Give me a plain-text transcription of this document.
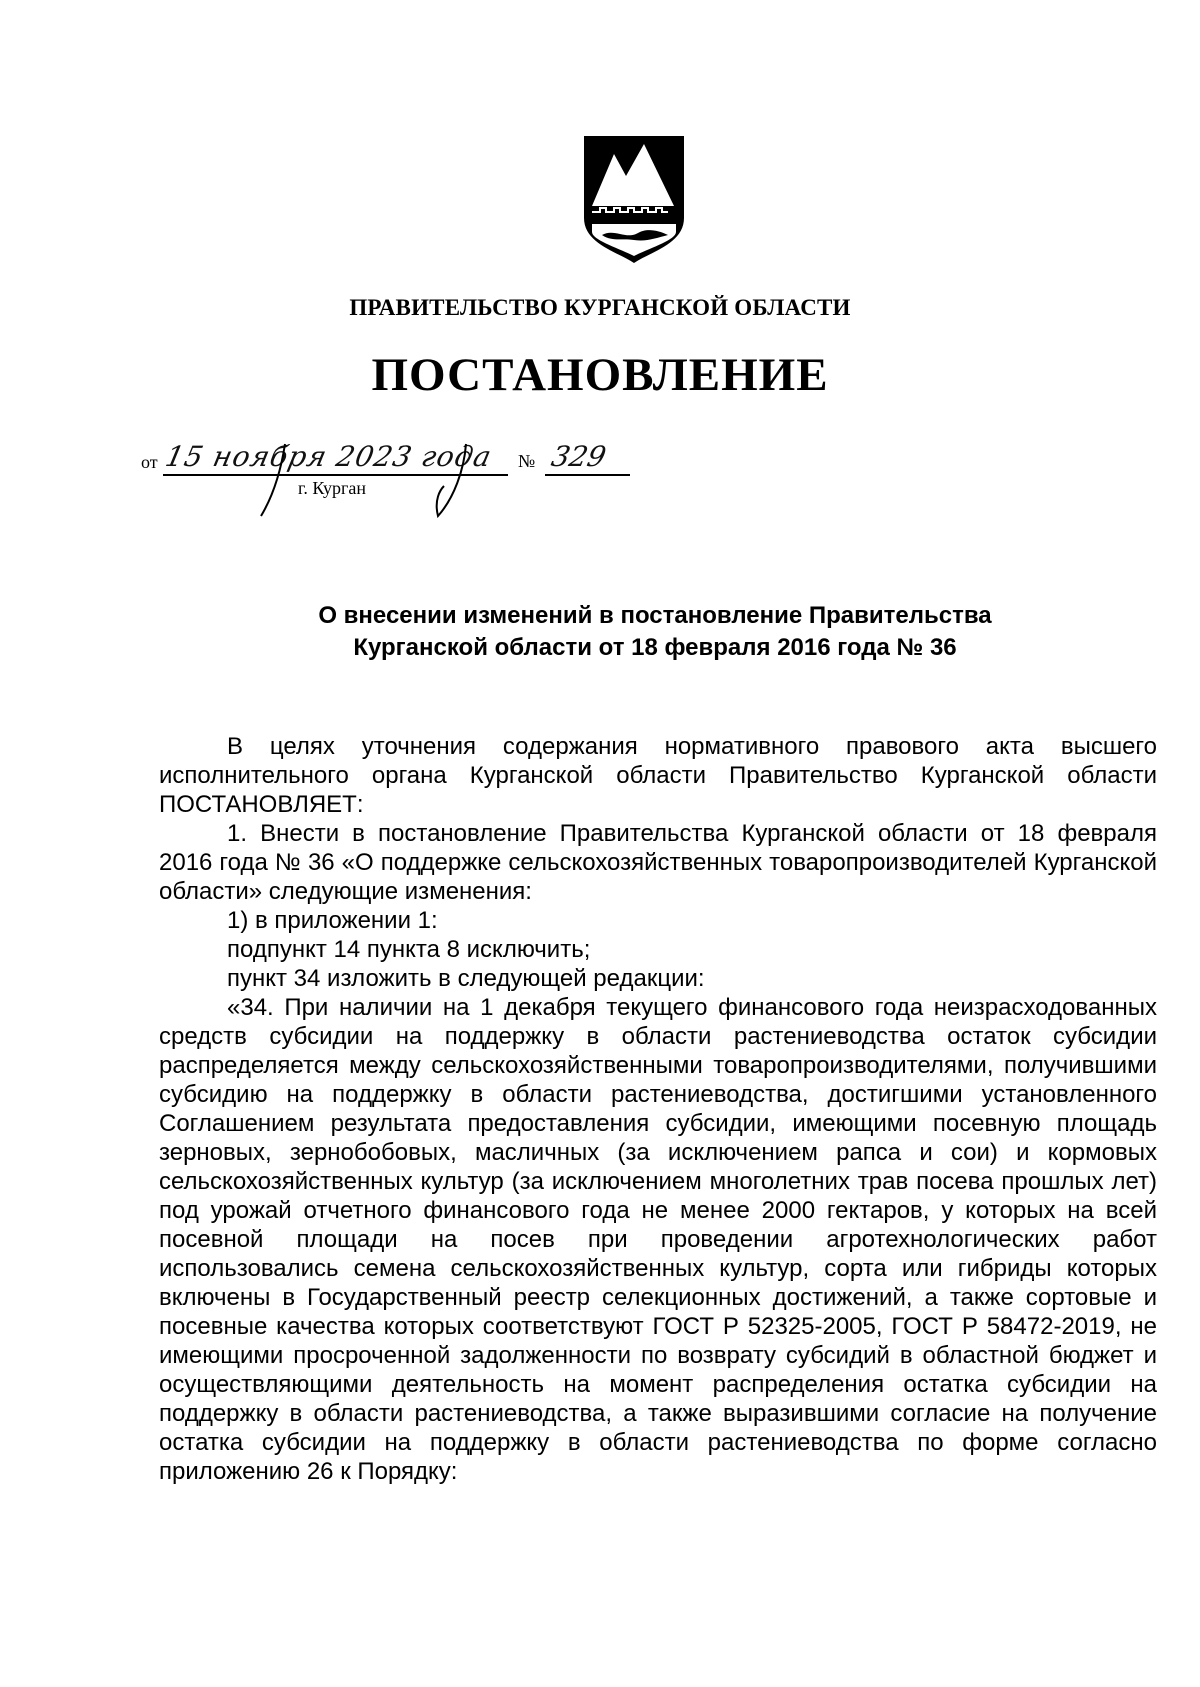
ПРАВИТЕЛЬСТВО КУРГАНСКОЙ ОБЛАСТИ
ПОСТАНОВЛЕНИЕ
от 15 ноября 2023 года № 329
г. Курган
О внесении изменений в постановление Правительства
Курганской области от 18 февраля 2016 года № 36

В целях уточнения содержания нормативного правового акта высшего исполнительного органа Курганской области Правительство Курганской области ПОСТАНОВЛЯЕТ:

1. Внести в постановление Правительства Курганской области от 18 февраля 2016 года № 36 «О поддержке сельскохозяйственных товаропроизводителей Курганской области» следующие изменения:

1) в приложении 1:

подпункт 14 пункта 8 исключить;

пункт 34 изложить в следующей редакции:

«34. При наличии на 1 декабря текущего финансового года неизрасходованных средств субсидии на поддержку в области растениеводства остаток субсидии распределяется между сельскохозяйственными товаропроизводителями, получившими субсидию на поддержку в области растениеводства, достигшими установленного Соглашением результата предоставления субсидии, имеющими посевную площадь зерновых, зернобобовых, масличных (за исключением рапса и сои) и кормовых сельскохозяйственных культур (за исключением многолетних трав посева прошлых лет) под урожай отчетного финансового года не менее 2000 гектаров, у которых на всей посевной площади на посев при проведении агротехнологических работ использовались семена сельскохозяйственных культур, сорта или гибриды которых включены в Государственный реестр селекционных достижений, а также сортовые и посевные качества которых соответствуют ГОСТ Р 52325-2005, ГОСТ Р 58472-2019, не имеющими просроченной задолженности по возврату субсидий в областной бюджет и осуществляющими деятельность на момент распределения остатка субсидии на поддержку в области растениеводства, а также выразившими согласие на получение остатка субсидии на поддержку в области растениеводства по форме согласно приложению 26 к Порядку:
